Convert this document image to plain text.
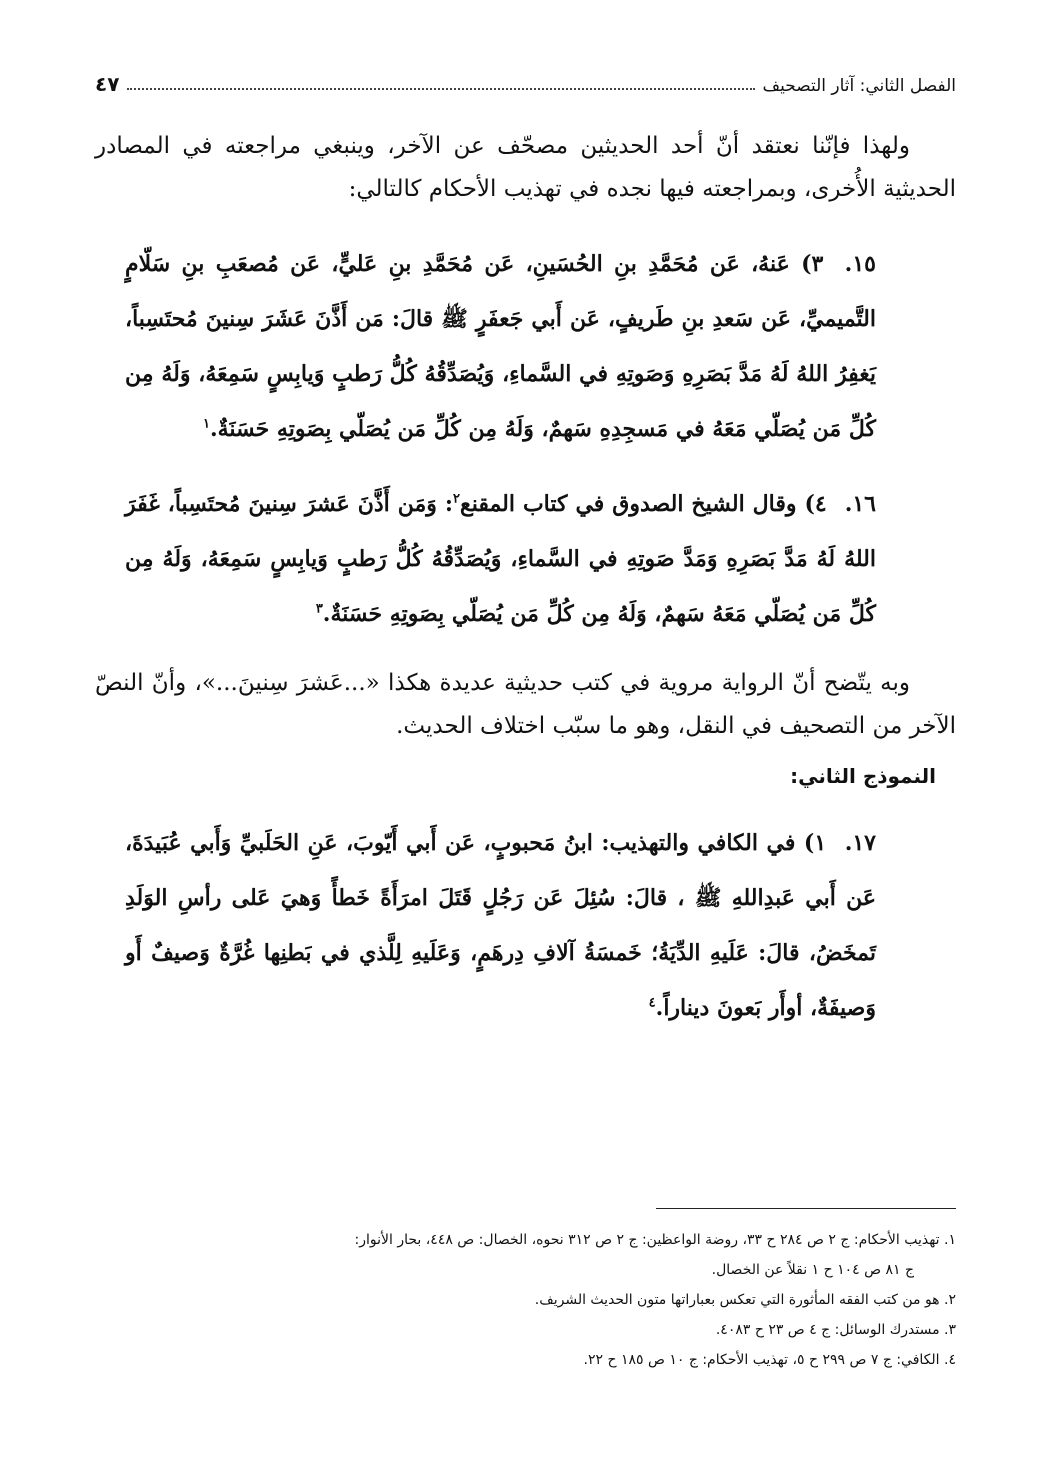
الفصل الثاني: آثار التصحيف
٤٧

ولهذا فإنّنا نعتقد أنّ أحد الحديثين مصحّف عن الآخر، وينبغي مراجعته في المصادر الحديثية الأُخرى، وبمراجعته فيها نجده في تهذيب الأحكام كالتالي:

١٥. ٣) عَنهُ، عَن مُحَمَّدِ بنِ الحُسَينِ، عَن مُحَمَّدِ بنِ عَليٍّ، عَن مُصعَبِ بنِ سَلّامٍ التَّميميِّ، عَن سَعدِ بنِ طَريفٍ، عَن أَبي جَعفَرٍ ﷺ قالَ: مَن أَذَّنَ عَشَرَ سِنينَ مُحتَسِباً، يَغفِرُ اللهُ لَهُ مَدَّ بَصَرِهِ وَصَوتِهِ في السَّماءِ، وَيُصَدِّقُهُ كُلُّ رَطبٍ وَيابِسٍ سَمِعَهُ، وَلَهُ مِن كُلِّ مَن يُصَلّي مَعَهُ في مَسجِدِهِ سَهمٌ، وَلَهُ مِن كُلِّ مَن يُصَلّي بِصَوتِهِ حَسَنَةٌ.$^١$

١٦. ٤) وقال الشيخ الصدوق في كتاب المقنع$^٢$: وَمَن أَذَّنَ عَشرَ سِنينَ مُحتَسِباً، غَفَرَ اللهُ لَهُ مَدَّ بَصَرِهِ وَمَدَّ صَوتِهِ في السَّماءِ، وَيُصَدِّقُهُ كُلُّ رَطبٍ وَيابِسٍ سَمِعَهُ، وَلَهُ مِن كُلِّ مَن يُصَلّي مَعَهُ سَهمٌ، وَلَهُ مِن كُلِّ مَن يُصَلّي بِصَوتِهِ حَسَنَةٌ.$^٣$

وبه يتّضح أنّ الرواية مروية في كتب حديثية عديدة هكذا «...عَشرَ سِنينَ...»، وأنّ النصّ الآخر من التصحيف في النقل، وهو ما سبّب اختلاف الحديث.

النموذج الثاني:

١٧. ١) في الكافي والتهذيب: ابنُ مَحبوبٍ، عَن أَبي أَيّوبَ، عَنِ الحَلَبيِّ وَأَبي عُبَيدَةَ، عَن أَبي عَبدِاللهِ ﷺ ، قالَ: سُئِلَ عَن رَجُلٍ قَتَلَ امرَأَةً خَطأً وَهيَ عَلى رأسِ الوَلَدِ تَمخَضُ، قالَ: عَلَيهِ الدِّيَةُ؛ خَمسَةُ آلافِ دِرهَمٍ، وَعَلَيهِ لِلَّذي في بَطنِها غُرَّةٌ وَصيفٌ أَو وَصيفَةٌ، أوأَر بَعونَ ديناراً.$^٤$

١. تهذيب الأحكام: ج ٢ ص ٢٨٤ ح ٣٣، روضة الواعظين: ج ٢ ص ٣١٢ نحوه، الخصال: ص ٤٤٨، بحار الأنوار:
ج ٨١ ص ١٠٤ ح ١ نقلاً عن الخصال.
٢. هو من كتب الفقه المأثورة التي تعكس بعباراتها متون الحديث الشريف.
٣. مستدرك الوسائل: ج ٤ ص ٢٣ ح ٤٠٨٣.
٤. الكافي: ج ٧ ص ٢٩٩ ح ٥، تهذيب الأحكام: ج ١٠ ص ١٨٥ ح ٢٢.
